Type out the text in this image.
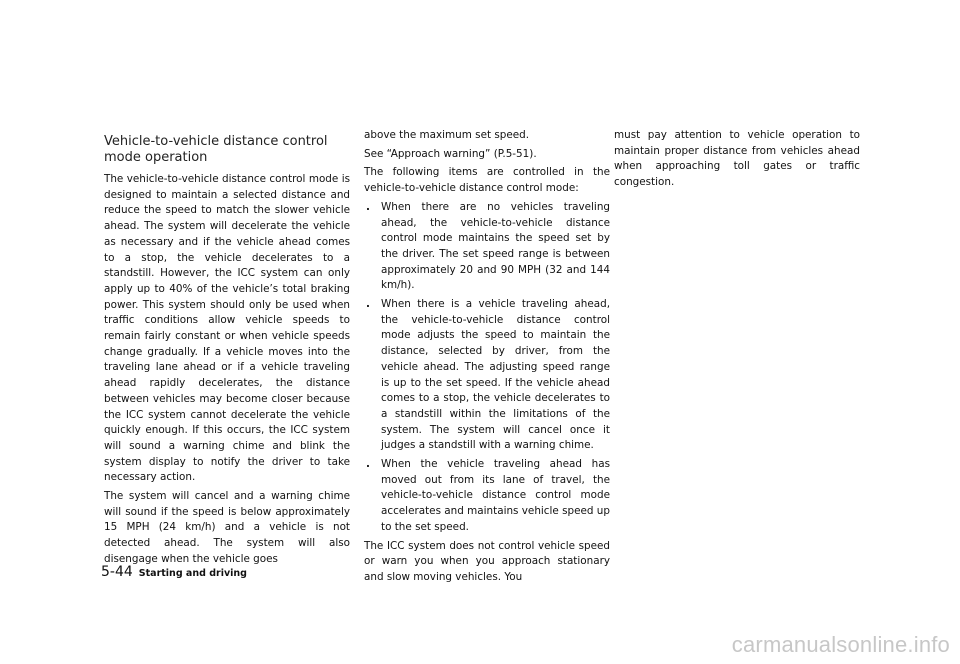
Vehicle-to-vehicle distance control mode operation

The vehicle-to-vehicle distance control mode is designed to maintain a selected distance and reduce the speed to match the slower vehicle ahead. The system will decelerate the vehicle as necessary and if the vehicle ahead comes to a stop, the vehicle decelerates to a standstill. However, the ICC system can only apply up to 40% of the vehicle’s total braking power. This system should only be used when traffic conditions allow vehicle speeds to remain fairly constant or when vehicle speeds change gradually. If a vehicle moves into the traveling lane ahead or if a vehicle traveling ahead rapidly decelerates, the distance between vehicles may become closer because the ICC system cannot decelerate the vehicle quickly enough. If this occurs, the ICC system will sound a warning chime and blink the system display to notify the driver to take necessary action.

The system will cancel and a warning chime will sound if the speed is below approximately 15 MPH (24 km/h) and a vehicle is not detected ahead. The system will also disengage when the vehicle goes

above the maximum set speed.

See “Approach warning” (P.5-51).

The following items are controlled in the vehicle-to-vehicle distance control mode:

. When there are no vehicles traveling ahead, the vehicle-to-vehicle distance control mode maintains the speed set by the driver. The set speed range is between approximately 20 and 90 MPH (32 and 144 km/h).
. When there is a vehicle traveling ahead, the vehicle-to-vehicle distance control mode adjusts the speed to maintain the distance, selected by driver, from the vehicle ahead. The adjusting speed range is up to the set speed. If the vehicle ahead comes to a stop, the vehicle decelerates to a standstill within the limitations of the system. The system will cancel once it judges a standstill with a warning chime.
. When the vehicle traveling ahead has moved out from its lane of travel, the vehicle-to-vehicle distance control mode accelerates and maintains vehicle speed up to the set speed.

The ICC system does not control vehicle speed or warn you when you approach stationary and slow moving vehicles. You

must pay attention to vehicle operation to maintain proper distance from vehicles ahead when approaching toll gates or traffic congestion.

5-44 Starting and driving
carmanualsonline.info
